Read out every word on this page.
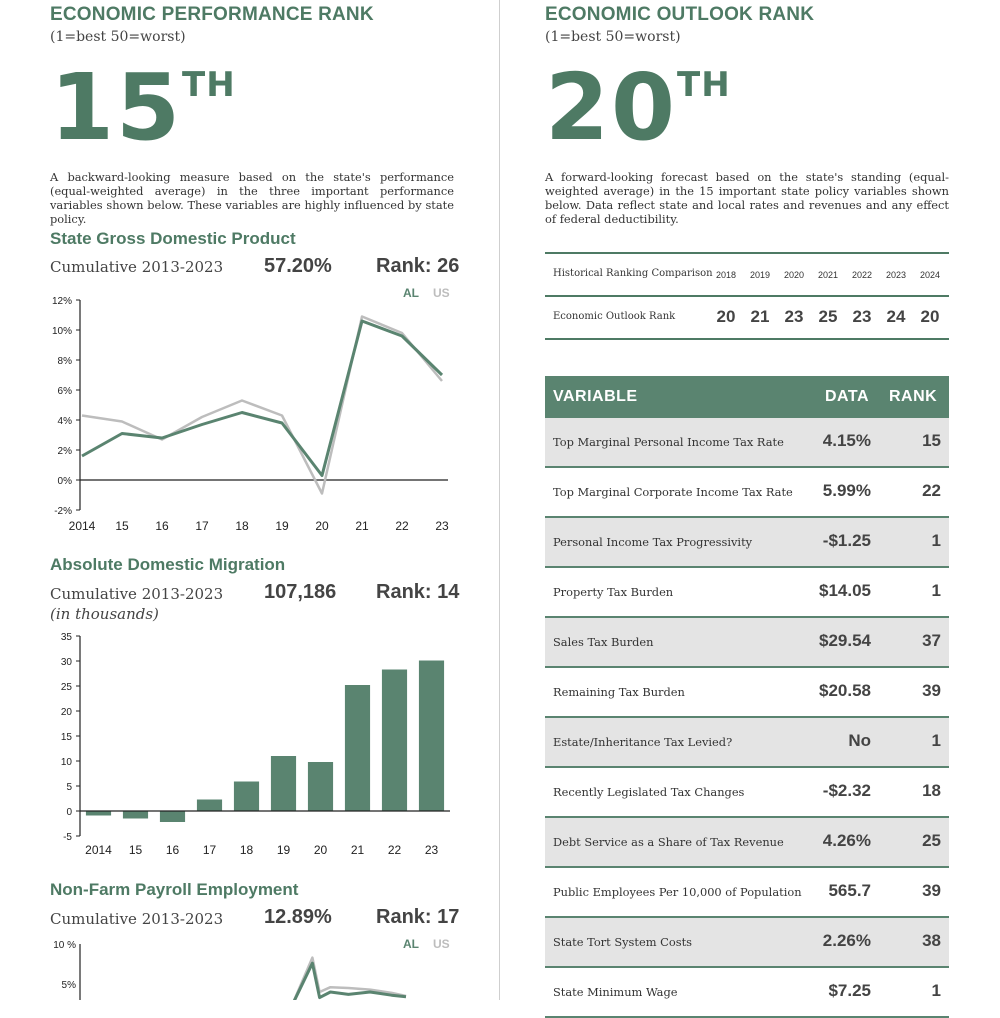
ECONOMIC PERFORMANCE RANK
(1=best 50=worst)
15TH
A backward-looking measure based on the state's performance (equal-weighted average) in the three important performance variables shown below. These variables are highly influenced by state policy.
State Gross Domestic Product
Cumulative 2013-2023 57.20% Rank: 26
AL US
-2%
0%
2%
4%
6%
8%
10%
12%
2014 15 16 17 18 19 20 21 22 23
Absolute Domestic Migration
Cumulative 2013-2023 107,186 Rank: 14
(in thousands)
-5
0
5
10
15
20
25
30
35
2014 15 16 17 18 19 20 21 22 23
Non-Farm Payroll Employment
Cumulative 2013-2023 12.89% Rank: 17
AL US
5%
10 %
ECONOMIC OUTLOOK RANK
(1=best 50=worst)
20TH
A forward-looking forecast based on the state's standing (equal-weighted average) in the 15 important state policy variables shown below. Data reflect state and local rates and revenues and any effect of federal deductibility.
Historical Ranking Comparison 2018	2019	2020	2021	2022	2023	2024
Economic Outlook Rank	20 21 23 25 23 24 20
VARIABLE	DATA RANK
Top Marginal Personal Income Tax Rate 4.15%	15
Top Marginal Corporate Income Tax Rate 5.99%	22
Personal Income Tax Progressivity	-$1.25	1
Property Tax Burden	$14.05	1
Sales Tax Burden	$29.54	37
Remaining Tax Burden	$20.58	39
Estate/Inheritance Tax Levied?	No	1
Recently Legislated Tax Changes	-$2.32	18
Debt Service as a Share of Tax Revenue 4.26%	25
Public Employees Per 10,000 of Population 565.7	39
State Tort System Costs	2.26%	38
State Minimum Wage	$7.25	1
